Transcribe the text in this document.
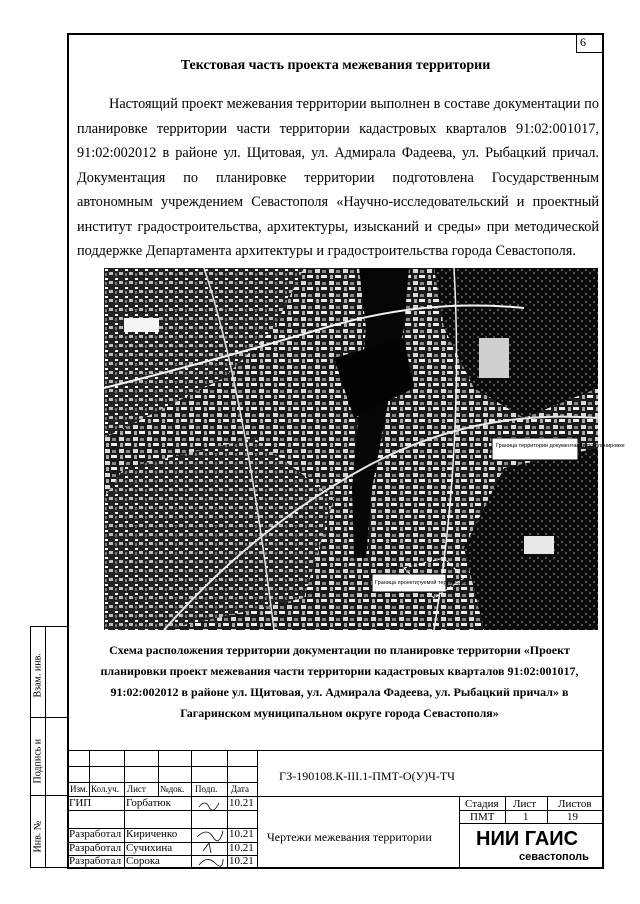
6
Текстовая часть проекта межевания территории

Настоящий проект межевания территории выполнен в составе документации по планировке территории части территории кадастровых кварталов 91:02:001017, 91:02:002012 в районе ул. Щитовая, ул. Адмирала Фадеева, ул. Рыбацкий причал. Документация по планировке территории подготовлена Государственным автономным учреждением Севастополя «Научно-исследовательский и проектный институт градостроительства, архитектуры, изысканий и среды» при методической поддержке Департамента архитектуры и градостроительства города Севастополя.

Граница территории документации по планировке
Граница проектируемой территории

Схема расположения территории документации по планировке территории «Проект планировки проект межевания части территории кадастровых кварталов 91:02:001017, 91:02:002012 в районе ул. Щитовая, ул. Адмирала Фадеева, ул. Рыбацкий причал» в Гагаринском муниципальном округе города Севастополя»

Взам. инв.
Подпись и
Инв. №
Изм. Кол.уч. Лист №док. Подп. Дата
ГЗ-190108.К-III.1-ПМТ-О(У)Ч-ТЧ
ГИП	Горбатюк	10.21
Разработал Кириченко	10.21
Разработал Сучихина	10.21
Разработал Сорока	10.21
Чертежи межевания территории
Стадия Лист Листов
ПМТ	1	19
НИИ ГАИС
севастополь
